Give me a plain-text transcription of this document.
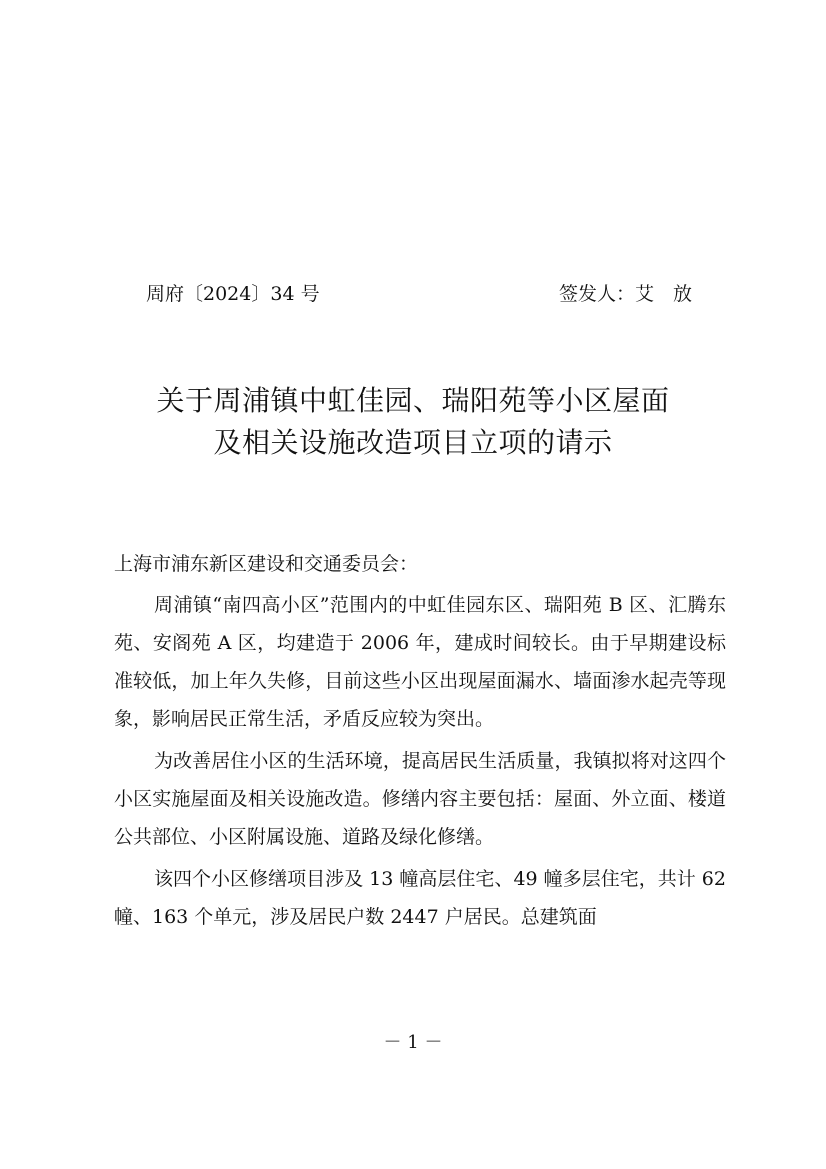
周府〔2024〕34 号	签发人：艾　放
关于周浦镇中虹佳园、瑞阳苑等小区屋面
及相关设施改造项目立项的请示

上海市浦东新区建设和交通委员会：

周浦镇“南四高小区”范围内的中虹佳园东区、瑞阳苑 B 区、汇腾东苑、安阁苑 A 区，均建造于 2006 年，建成时间较长。由于早期建设标准较低，加上年久失修，目前这些小区出现屋面漏水、墙面渗水起壳等现象，影响居民正常生活，矛盾反应较为突出。

为改善居住小区的生活环境，提高居民生活质量，我镇拟将对这四个小区实施屋面及相关设施改造。修缮内容主要包括：屋面、外立面、楼道公共部位、小区附属设施、道路及绿化修缮。

该四个小区修缮项目涉及 13 幢高层住宅、49 幢多层住宅，共计 62 幢、163 个单元，涉及居民户数 2447 户居民。总建筑面

－ 1 －
